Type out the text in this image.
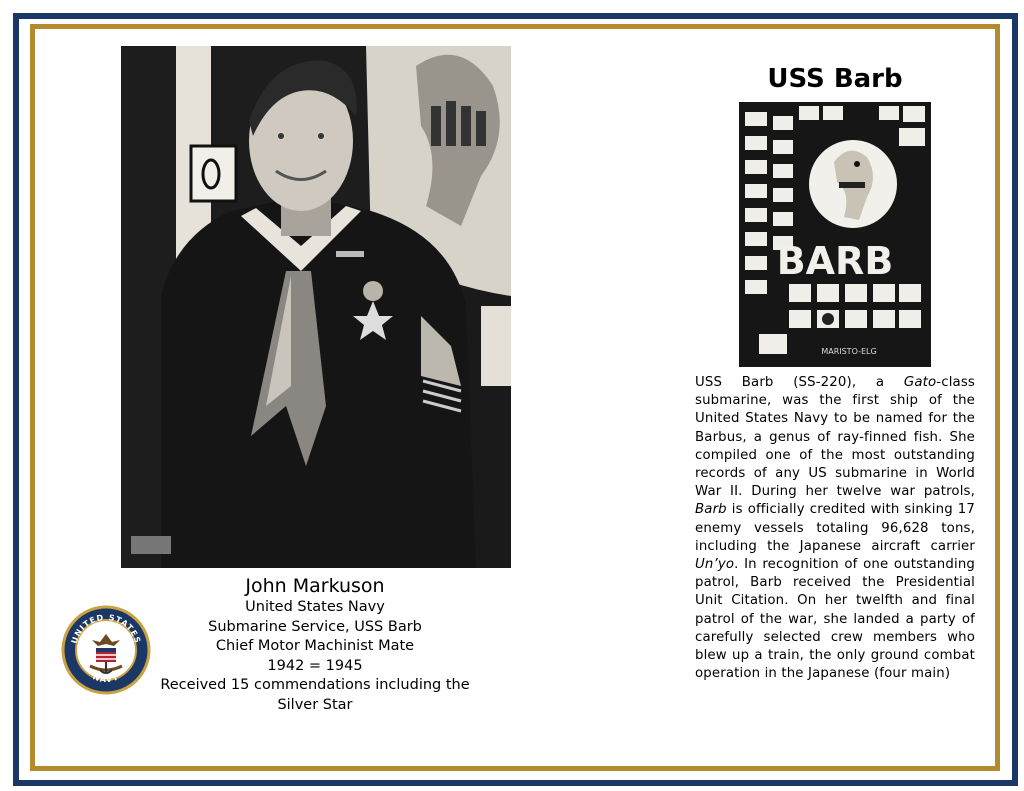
USS Barb
BARB
MARISTO-ELG
John Markuson
United States Navy
Submarine Service, USS Barb
Chief Motor Machinist Mate
1942 = 1945
Received 15 commendations including the
Silver Star
UNITED STATES
NAVY

USS Barb (SS-220), a Gato-class submarine, was the first ship of the United States Navy to be named for the Barbus, a genus of ray-finned fish. She compiled one of the most outstanding records of any US submarine in World War II. During her twelve war patrols, Barb is officially credited with sinking 17 enemy vessels totaling 96,628 tons, including the Japanese aircraft carrier Un’yo. In recognition of one outstanding patrol, Barb received the Presidential Unit Citation. On her twelfth and final patrol of the war, she landed a party of carefully selected crew members who blew up a train, the only ground combat operation in the Japanese (four main)
